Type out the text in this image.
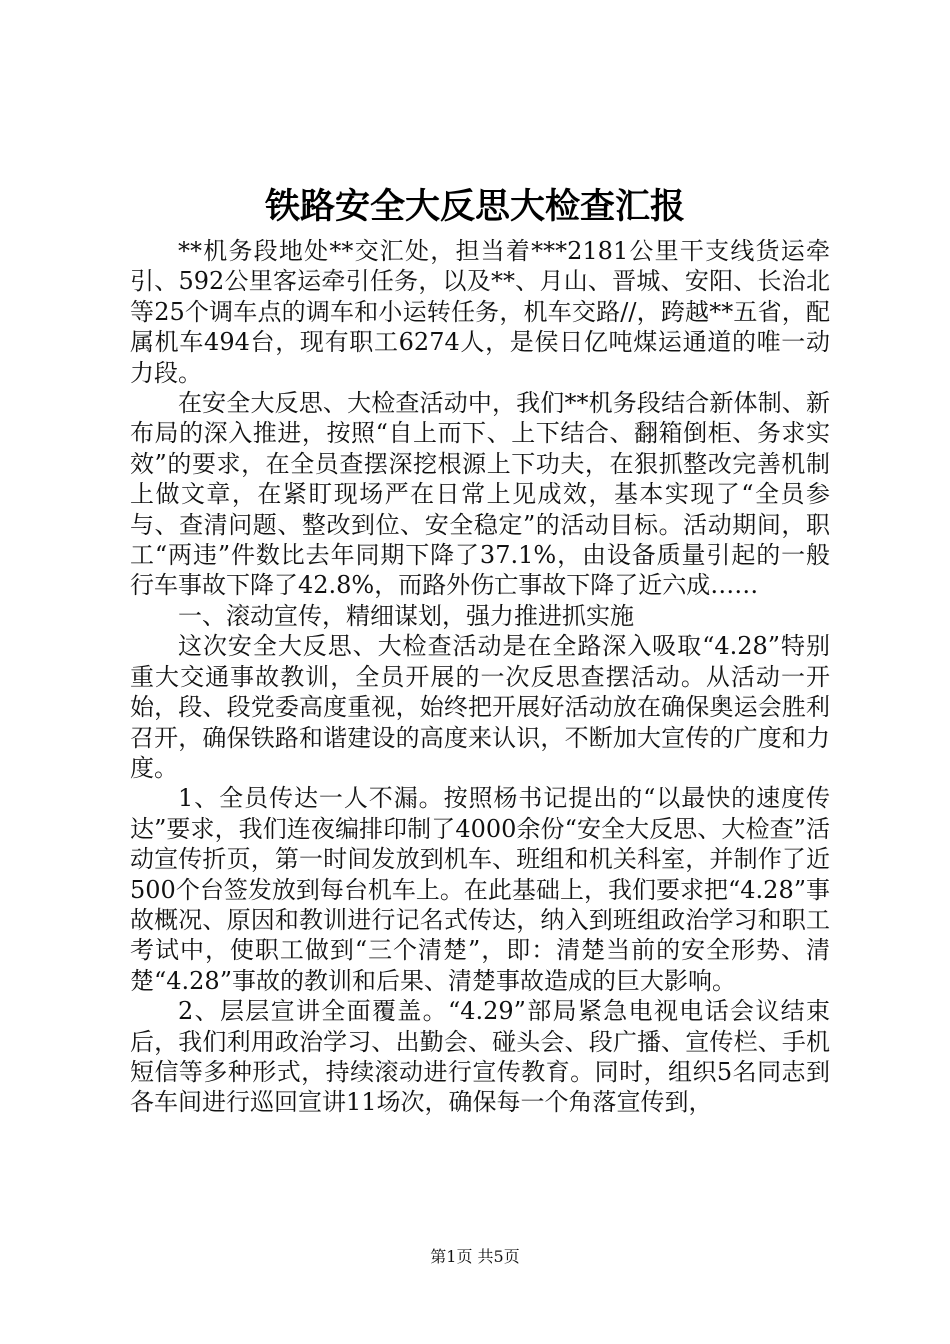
铁路安全大反思大检查汇报

**机务段地处**交汇处，担当着***2181公里干支线货运牵引、592公里客运牵引任务，以及**、月山、晋城、安阳、长治北等25个调车点的调车和小运转任务，机车交路//，跨越**五省，配属机车494台，现有职工6274人，是侯日亿吨煤运通道的唯一动力段。

在安全大反思、大检查活动中，我们**机务段结合新体制、新布局的深入推进，按照“自上而下、上下结合、翻箱倒柜、务求实效”的要求，在全员查摆深挖根源上下功夫，在狠抓整改完善机制上做文章，在紧盯现场严在日常上见成效，基本实现了“全员参与、查清问题、整改到位、安全稳定”的活动目标。活动期间，职工“两违”件数比去年同期下降了37.1%，由设备质量引起的一般行车事故下降了42.8%，而路外伤亡事故下降了近六成……

一、滚动宣传，精细谋划，强力推进抓实施

这次安全大反思、大检查活动是在全路深入吸取“4.28”特别重大交通事故教训，全员开展的一次反思查摆活动。从活动一开始，段、段党委高度重视，始终把开展好活动放在确保奥运会胜利召开，确保铁路和谐建设的高度来认识，不断加大宣传的广度和力度。

1、全员传达一人不漏。按照杨书记提出的“以最快的速度传达”要求，我们连夜编排印制了4000余份“安全大反思、大检查”活动宣传折页，第一时间发放到机车、班组和机关科室，并制作了近500个台签发放到每台机车上。在此基础上，我们要求把“4.28”事故概况、原因和教训进行记名式传达，纳入到班组政治学习和职工考试中，使职工做到“三个清楚”，即：清楚当前的安全形势、清楚“4.28”事故的教训和后果、清楚事故造成的巨大影响。

2、层层宣讲全面覆盖。“4.29”部局紧急电视电话会议结束后，我们利用政治学习、出勤会、碰头会、段广播、宣传栏、手机短信等多种形式，持续滚动进行宣传教育。同时，组织5名同志到各车间进行巡回宣讲11场次，确保每一个角落宣传到，

第1页 共5页
